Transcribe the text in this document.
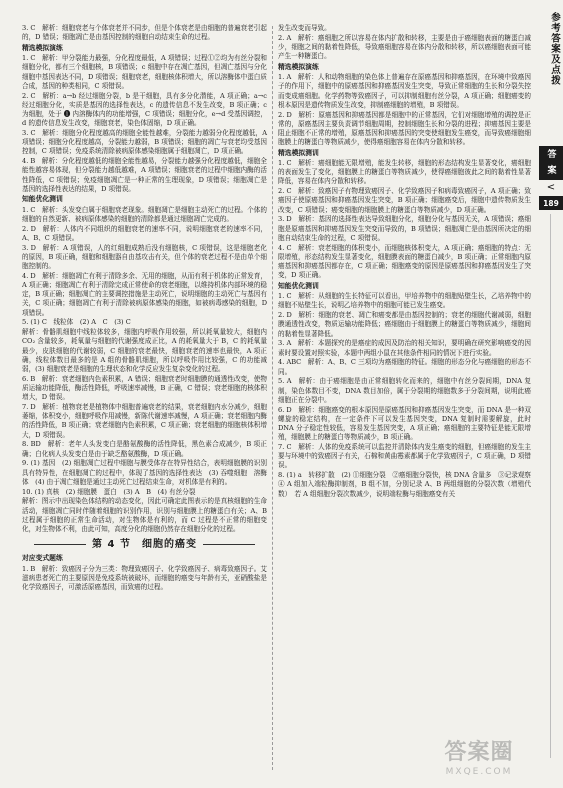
3. C　解析：细胞衰老与个体衰老并不同步，但是个体衰老是由细胞的普遍衰老引起的，D 错误；细胞凋亡是由基因控制的细胞自动结束生命的过程。
精选模拟演练
1. C　解析：甲分裂能力最强，分化程度最低，A 项错误；过程①②均为有丝分裂和细胞分化，都有三个细胞核，B 项错误；c 细胞中存在凋亡基因，但凋亡基因与分化细胞中基因表达不同，D 项错误；细胞衰老，细胞核体积增大，所以溶酶体中蛋白质合成，基因的种类相同，C 项错误。
2. C　解析：a→b 经过细胞分裂，b 是干细胞，具有多分化潜能，A 项正确；a→c 经过细胞分化，实质是基因的选择性表达，c 的遗传信息不发生改变，B 项正确；c 为细胞，处于 ❶ 内溶酶体内的功能增强，C 项错误；细胞分化，e→d 受基因调控，d 的遗传信息发生改变，细胞衰老，染色体固缩，D 项正确。
3. C　解析：细胞分化程度越高的细胞全能性越难，分裂能力越弱分化程度越低，A 项错误；细胞分化程度越高，分裂能力越弱，B 项错误；细胞的凋亡与衰老均受基因控制，C 项错误；免疫系统清除被病原体感染细胞属于细胞凋亡，D 项正确。
4. B　解析：分化程度越低的细胞全能性越易，分裂能力越强分化程度越低，细胞全能性越容易体现，但分裂能力越低越难，A 项错误；细胞衰老的过程中细胞内酶的活性降低，C 项错误；免疫细胞凋亡是一种正常的生理现象，D 项错误；细胞凋亡是基因的选择性表达的结果，D 项错误。
知能优化测训
1. C　解析：头发变白属于细胞衰老现象。细胞凋亡是细胞主动死亡的过程。个体的细胞的自然更新、被病原体感染的细胞的清除都是通过细胞凋亡完成的。
2. D　解析：人体内不同组织的细胞衰老的速率不同，说明细胞衰老的速率不同，A、B、C 项错误。
3. D　解析：A 项错误，人的红细胞成熟后没有细胞核，C 项错误，这是细胞老化的原因，B 项正确，细胞和细胞器自由基攻击有关，但个体的衰老过程不是由单个细胞控制的。
4. D　解析：细胞凋亡有利于清除多余、无用的细胞，从而有利于机体的正常发育，A 项正确；细胞凋亡有利于清除完成正常使命的衰老细胞，以维持机体内部环境的稳定，B 项正确；细胞凋亡的主要调控措施是主动死亡，说明细胞的主动死亡与基因有关，C 项正确；细胞凋亡有利于清除被病原体感染的细胞，如被病毒感染的细胞，D 项错误。
5. (1) C　线粒体　(2) A　C　(3) C
解析：骨骼肌细胞中线粒体较多，细胞内呼吸作用较强，所以耗氧量较大，细胞内 CO₂ 含量较多，耗氧量与细胞的代谢强度成正比，A 的耗氧量大于 B，C 的耗氧量最少，皮肤细胞的代谢较弱，C 细胞的衰老最快，细胞衰老的速率也最快，A 项正确，线粒体数目最多的是 A 组的骨骼肌细胞，所以呼吸作用比较强，C 的功能减弱，(3) 细胞衰老是细胞的生理状态和化学反应发生复杂变化的过程。
6. B　解析：衰老细胞内色素积累，A 错误；细胞衰老时细胞膜的通透性改变，使物质运输功能降低，酶活性降低，呼吸速率减慢，B 正确，C 错误；衰老细胞的核体积增大，D 错误。
7. D　解析：植物衰老是植物体中细胞普遍衰老的结果，衰老细胞内水分减少，细胞萎缩，体积变小，细胞呼吸作用减慢，新陈代谢速率减慢，A 项正确；衰老细胞内酶的活性降低，B 项正确；衰老细胞内色素积累，C 项正确；衰老细胞的细胞核体积增大，D 项错误。
8. BD　解析：老年人头发变白是酪氨酸酶的活性降低，黑色素合成减少，B 项正确；白化病人头发变白是由于缺乏酪氨酸酶，D 项正确。
9. (1) 基因　(2) 细胞凋亡过程中细胞与膜受体存在特异性结合，表明细胞膜的识别具有特异性，在细胞凋亡的过程中，体现了基因的选择性表达　(3) 吞噬细胞　溶酶体　(4) 由于凋亡细胞是通过主动死亡过程结束生命，对机体是有利的。
10. (1) 真核　(2) 细胞膜　蛋白　(3) A　B　(4) 有丝分裂
解析：图示中出现染色体结构的动态变化，因此可确定此图表示的是真核细胞的生命活动，细胞凋亡同时伴随着细胞的识别作用，识别与细胞膜上的糖蛋白有关；A、B 过程属于细胞的正常生命活动，对生物体是有利的，而 C 过程是不正常的细胞变化，对生物体不利，由此可知，高度分化的细胞仍然存在细胞分化的过程。
第 4 节　细胞的癌变
对应变式题练
1. B　解析：致癌因子分为三类：物理致癌因子、化学致癌因子、病毒致癌因子。艾滋病患者死亡的主要原因是免疫系统被破坏，而细胞的癌变与年龄有关，亚硝酸盐是化学致癌因子，可激活原癌基因，而致癌的过程。
发生改变而导致。
2. A　解析：癌细胞之所以容易在体内扩散和转移，主要是由于癌细胞表面的糖蛋白减少，细胞之间的黏着性降低，导致癌细胞容易在体内分散和转移，所以癌细胞表面可能产生一种糖蛋白。
精选模拟演练
1. A　解析：人和动物细胞的染色体上普遍存在原癌基因和抑癌基因，在环境中致癌因子的作用下，细胞中的原癌基因和抑癌基因发生突变，导致正常细胞的生长和分裂失控而变成癌细胞。化学药物等致癌因子，可以抑制细胞有丝分裂，A 项正确；细胞癌变的根本原因是遗传物质发生改变，抑制癌细胞的增殖，B 项错误。
2. D　解析：原癌基因和抑癌基因都是细胞中的正常基因，它们对细胞增殖的调控是正常的，原癌基因主要负责调节细胞周期，控制细胞生长和分裂的进程；抑癌基因主要是阻止细胞不正常的增殖，原癌基因和抑癌基因的突变使细胞发生癌变，而导致癌细胞细胞膜上的糖蛋白等物质减少，使得癌细胞容易在体内分散和转移。
精选模拟测训
1. C　解析：癌细胞能无限增殖，能发生转移，细胞的形态结构发生显著变化，癌细胞的表面发生了变化，细胞膜上的糖蛋白等物质减少，使得癌细胞彼此之间的黏着性显著降低，容易在体内分散和转移。
2. C　解析：致癌因子有物理致癌因子、化学致癌因子和病毒致癌因子，A 项正确；致癌因子使原癌基因和抑癌基因发生突变，B 项正确；细胞癌变后，细胞中遗传物质发生改变，C 项错误；癌变细胞的细胞膜上的糖蛋白等物质减少，D 项正确。
3. D　解析：基因的选择性表达导致细胞分化，细胞分化与基因无关，A 项错误；癌细胞是原癌基因和抑癌基因发生突变而导致的，B 项错误；细胞凋亡是由基因所决定的细胞自动结束生命的过程，C 项错误。
4. C　解析：衰老细胞的体积变小，而细胞核体积变大，A 项正确；癌细胞的特点：无限增殖，形态结构发生显著变化，细胞膜表面的糖蛋白减少，B 项正确；正常细胞内原癌基因和抑癌基因都存在，C 项正确；细胞癌变的原因是原癌基因和抑癌基因发生了突变，D 项正确。
知能优化测训
1. C　解析：从细胞的生长特征可以看出，甲培养物中的细胞贴壁生长，乙培养物中的细胞不贴壁生长，说明乙培养物中的细胞可能已发生癌变。
2. D　解析：细胞的衰老、凋亡和癌变都是由基因控制的；衰老的细胞代谢减弱，细胞膜通透性改变，物质运输功能降低；癌细胞由于细胞膜上的糖蛋白等物质减少，细胞间的黏着性显著降低。
3. A　解析：本题探究的是癌症的成因及防治的相关知识，要明确在研究影响癌变的因素时要设置对照实验，本题中两组小鼠在其他条件相同的情况下进行实验。
4. ABC　解析：A、B、C 三项均为癌细胞的特征。细胞的形态分化与癌细胞的形态不同。
5. A　解析：由于癌细胞是由正常细胞转化而来的，细胞中有丝分裂间期，DNA 复制，染色体数目不变，DNA 数目加倍，属于分裂期的细胞数多于分裂间期，说明此癌细胞正在分裂中。
6. D　解析：细胞癌变的根本原因是原癌基因和抑癌基因发生突变，而 DNA 是一种双螺旋的稳定结构，在一定条件下可以发生基因突变，DNA 复制时需要解旋，此时 DNA 分子稳定性较低，容易发生基因突变，A 项正确；癌细胞的主要特征是能无限增殖，细胞膜上的糖蛋白等物质减少，B 项正确。
7. C　解析：人体的免疫系统可以监控并清除体内发生癌变的细胞，但癌细胞的发生主要与环境中的致癌因子有关，石棉和黄曲霉素都属于化学致癌因子，C 项正确，D 项错误。
8. (1) a　转移扩散　(2) ①细胞分裂　②癌细胞分裂快，核 DNA 含量多　③记录观察　④ A 组加入端粒酶抑制剂，B 组不加，分别记录 A、B 两组细胞的分裂次数（增殖代数）　若 A 组细胞分裂次数减少，说明端粒酶与细胞癌变有关
参考答案及点拨
答 案
<
189
答案圈
MXQE.COM
